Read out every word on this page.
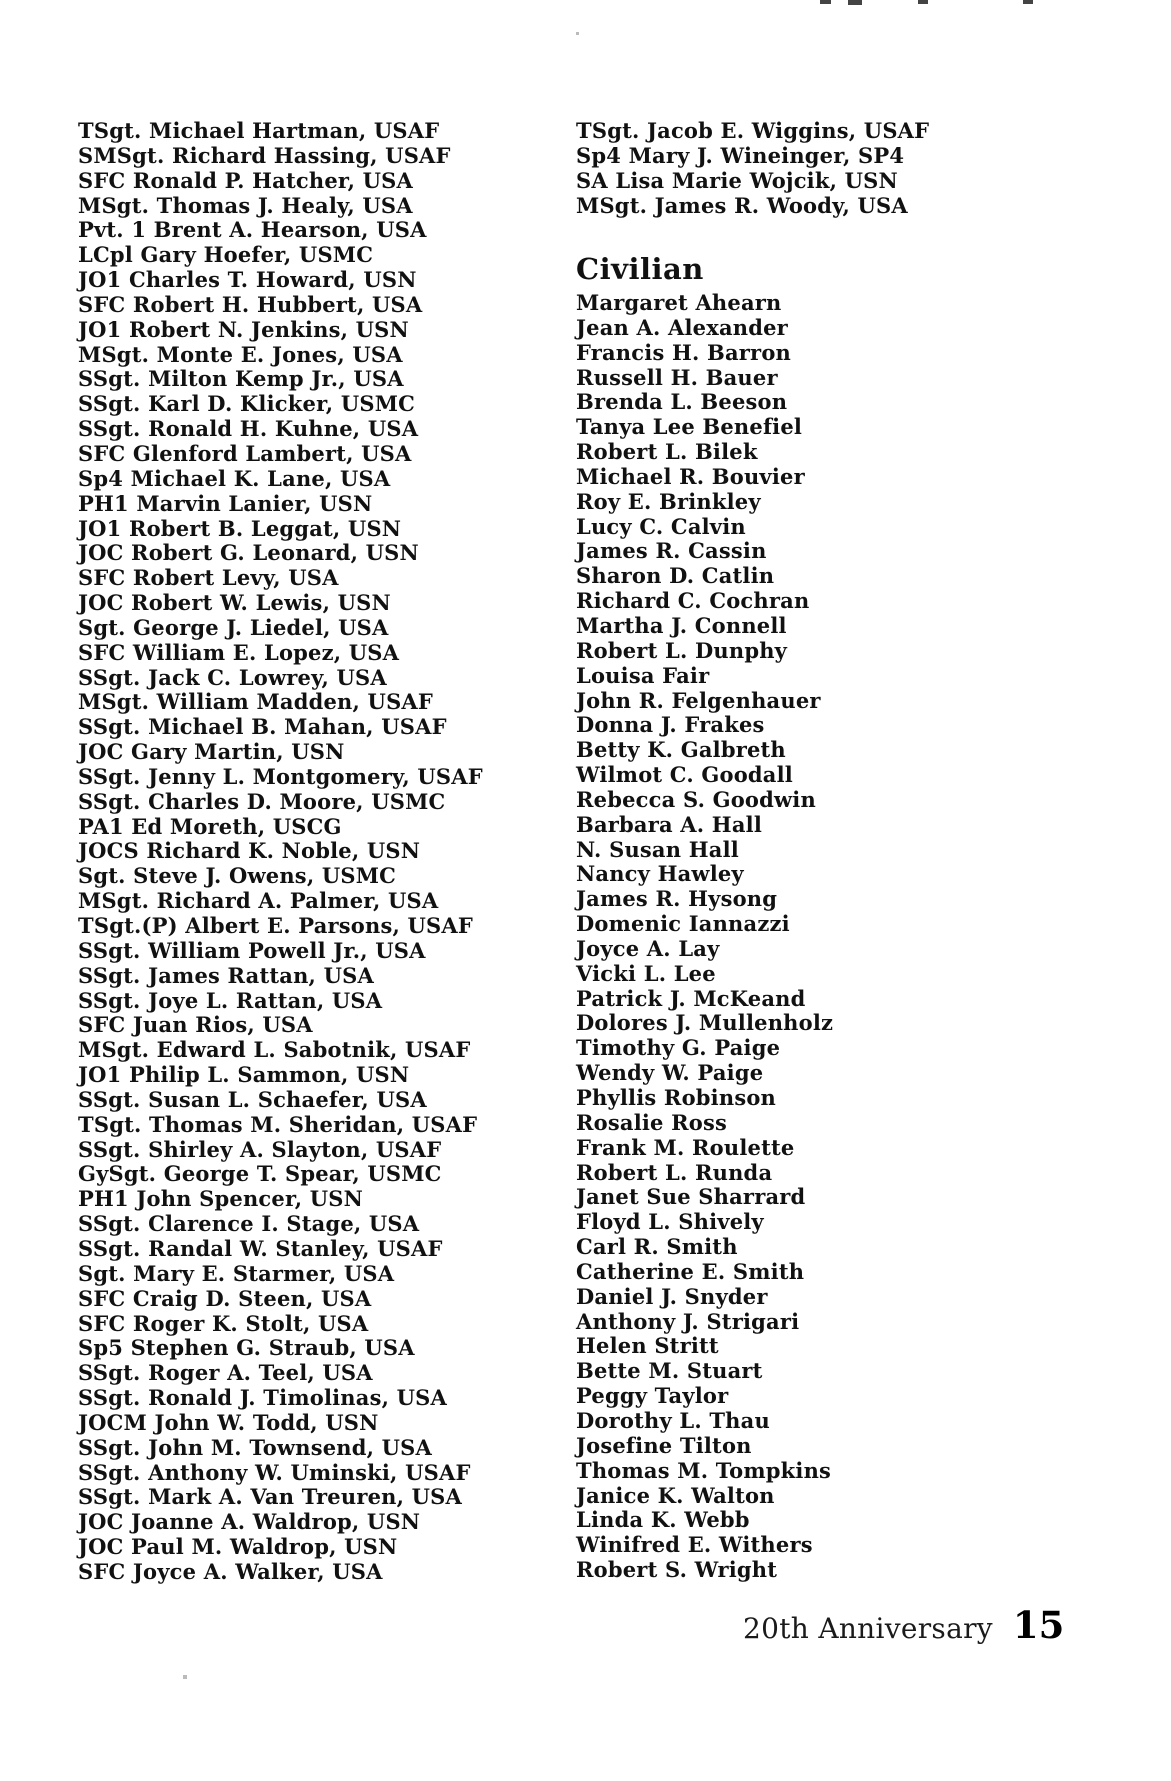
TSgt. Michael Hartman, USAF
SMSgt. Richard Hassing, USAF
SFC Ronald P. Hatcher, USA
MSgt. Thomas J. Healy, USA
Pvt. 1 Brent A. Hearson, USA
LCpl Gary Hoefer, USMC
JO1 Charles T. Howard, USN
SFC Robert H. Hubbert, USA
JO1 Robert N. Jenkins, USN
MSgt. Monte E. Jones, USA
SSgt. Milton Kemp Jr., USA
SSgt. Karl D. Klicker, USMC
SSgt. Ronald H. Kuhne, USA
SFC Glenford Lambert, USA
Sp4 Michael K. Lane, USA
PH1 Marvin Lanier, USN
JO1 Robert B. Leggat, USN
JOC Robert G. Leonard, USN
SFC Robert Levy, USA
JOC Robert W. Lewis, USN
Sgt. George J. Liedel, USA
SFC William E. Lopez, USA
SSgt. Jack C. Lowrey, USA
MSgt. William Madden, USAF
SSgt. Michael B. Mahan, USAF
JOC Gary Martin, USN
SSgt. Jenny L. Montgomery, USAF
SSgt. Charles D. Moore, USMC
PA1 Ed Moreth, USCG
JOCS Richard K. Noble, USN
Sgt. Steve J. Owens, USMC
MSgt. Richard A. Palmer, USA
TSgt.(P) Albert E. Parsons, USAF
SSgt. William Powell Jr., USA
SSgt. James Rattan, USA
SSgt. Joye L. Rattan, USA
SFC Juan Rios, USA
MSgt. Edward L. Sabotnik, USAF
JO1 Philip L. Sammon, USN
SSgt. Susan L. Schaefer, USA
TSgt. Thomas M. Sheridan, USAF
SSgt. Shirley A. Slayton, USAF
GySgt. George T. Spear, USMC
PH1 John Spencer, USN
SSgt. Clarence I. Stage, USA
SSgt. Randal W. Stanley, USAF
Sgt. Mary E. Starmer, USA
SFC Craig D. Steen, USA
SFC Roger K. Stolt, USA
Sp5 Stephen G. Straub, USA
SSgt. Roger A. Teel, USA
SSgt. Ronald J. Timolinas, USA
JOCM John W. Todd, USN
SSgt. John M. Townsend, USA
SSgt. Anthony W. Uminski, USAF
SSgt. Mark A. Van Treuren, USA
JOC Joanne A. Waldrop, USN
JOC Paul M. Waldrop, USN
SFC Joyce A. Walker, USA
TSgt. Jacob E. Wiggins, USAF
Sp4 Mary J. Wineinger, SP4
SA Lisa Marie Wojcik, USN
MSgt. James R. Woody, USA
Civilian
Margaret Ahearn
Jean A. Alexander
Francis H. Barron
Russell H. Bauer
Brenda L. Beeson
Tanya Lee Benefiel
Robert L. Bilek
Michael R. Bouvier
Roy E. Brinkley
Lucy C. Calvin
James R. Cassin
Sharon D. Catlin
Richard C. Cochran
Martha J. Connell
Robert L. Dunphy
Louisa Fair
John R. Felgenhauer
Donna J. Frakes
Betty K. Galbreth
Wilmot C. Goodall
Rebecca S. Goodwin
Barbara A. Hall
N. Susan Hall
Nancy Hawley
James R. Hysong
Domenic Iannazzi
Joyce A. Lay
Vicki L. Lee
Patrick J. McKeand
Dolores J. Mullenholz
Timothy G. Paige
Wendy W. Paige
Phyllis Robinson
Rosalie Ross
Frank M. Roulette
Robert L. Runda
Janet Sue Sharrard
Floyd L. Shively
Carl R. Smith
Catherine E. Smith
Daniel J. Snyder
Anthony J. Strigari
Helen Stritt
Bette M. Stuart
Peggy Taylor
Dorothy L. Thau
Josefine Tilton
Thomas M. Tompkins
Janice K. Walton
Linda K. Webb
Winifred E. Withers
Robert S. Wright
20th Anniversary 15
